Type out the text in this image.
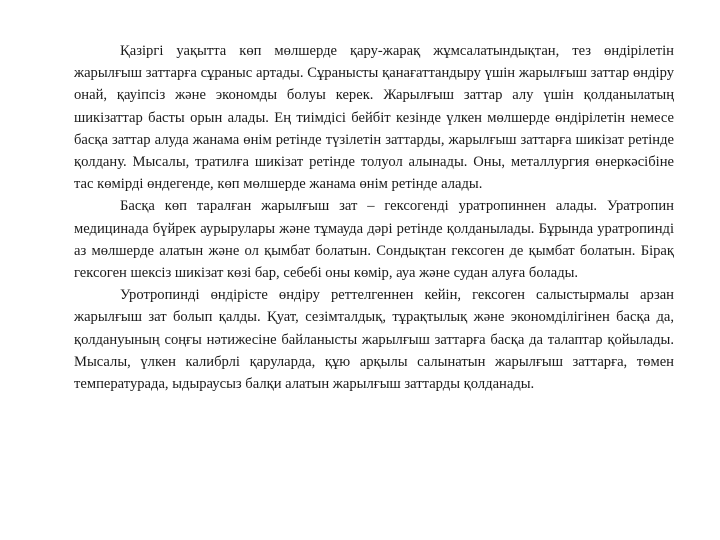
Қазіргі уақытта көп мөлшерде қару-жарақ жұмсалатындықтан, тез өндірілетін жарылғыш заттарға сұраныс артады. Сұранысты қанағаттандыру үшін жарылғыш заттар өндіру онай, қауіпсіз және экономды болуы керек. Жарылғыш заттар алу үшін қолданылатың шикізаттар басты орын алады. Ең тиімдісі бейбіт кезінде үлкен мөлшерде өндірілетін немесе басқа заттар алуда жанама өнім ретінде түзілетін заттарды, жарылғыш заттарға шикізат ретінде қолдану. Мысалы, тратилға шикізат ретінде толуол алынады. Оны, металлургия өнеркәсібіне тас көмірді өндегенде, көп мөлшерде жанама өнім ретінде алады.

Басқа көп таралған жарылғыш зат – гексогенді уратропиннен алады. Уратропин медицинада бүйрек аурырулары және тұмауда дәрі ретінде қолданылады. Бұрында уратропинді аз мөлшерде алатын және ол қымбат болатын. Сондықтан гексоген де қымбат болатын. Бірақ гексоген шексіз шикізат көзі бар, себебі оны көмір, ауа және судан алуға болады.

Уротропинді өндірісте өндіру реттелгеннен кейін, гексоген салыстырмалы арзан жарылғыш зат болып қалды. Қуат, сезімталдық, тұрақтылық және экономділігінен басқа да, қолдануының соңғы нәтижесіне байланысты жарылғыш заттарға басқа да талаптар қойылады. Мысалы, үлкен калибрлі қаруларда, құю арқылы салынатын жарылғыш заттарға, төмен температурада, ыдыраусыз балқи алатын жарылғыш заттарды қолданады.
